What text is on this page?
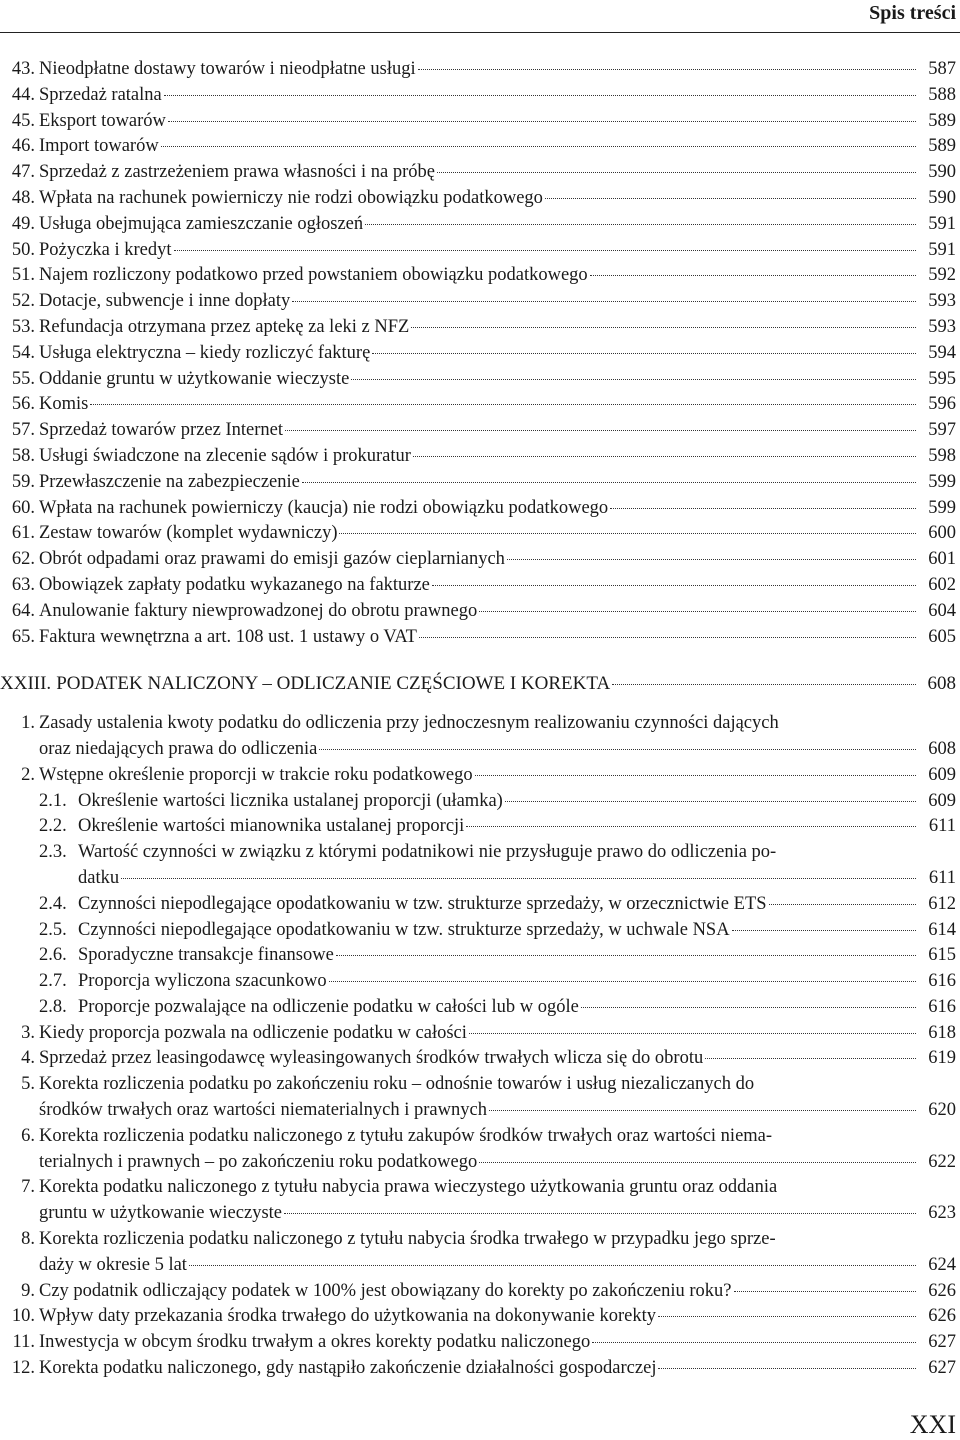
Spis treści
43. Nieodpłatne dostawy towarów i nieodpłatne usługi	587
44. Sprzedaż ratalna	588
45. Eksport towarów	589
46. Import towarów	589
47. Sprzedaż z zastrzeżeniem prawa własności i na próbę	590
48. Wpłata na rachunek powierniczy nie rodzi obowiązku podatkowego	590
49. Usługa obejmująca zamieszczanie ogłoszeń	591
50. Pożyczka i kredyt	591
51. Najem rozliczony podatkowo przed powstaniem obowiązku podatkowego	592
52. Dotacje, subwencje i inne dopłaty	593
53. Refundacja otrzymana przez aptekę za leki z NFZ	593
54. Usługa elektryczna – kiedy rozliczyć fakturę	594
55. Oddanie gruntu w użytkowanie wieczyste	595
56. Komis	596
57. Sprzedaż towarów przez Internet	597
58. Usługi świadczone na zlecenie sądów i prokuratur	598
59. Przewłaszczenie na zabezpieczenie	599
60. Wpłata na rachunek powierniczy (kaucja) nie rodzi obowiązku podatkowego	599
61. Zestaw towarów (komplet wydawniczy)	600
62. Obrót odpadami oraz prawami do emisji gazów cieplarnianych	601
63. Obowiązek zapłaty podatku wykazanego na fakturze	602
64. Anulowanie faktury niewprowadzonej do obrotu prawnego	604
65. Faktura wewnętrzna a art. 108 ust. 1 ustawy o VAT	605
XXIII. PODATEK NALICZONY – ODLICZANIE CZĘŚCIOWE I KOREKTA	608
1. Zasady ustalenia kwoty podatku do odliczenia przy jednoczesnym realizowaniu czynności dających
oraz niedających prawa do odliczenia	608
2. Wstępne określenie proporcji w trakcie roku podatkowego	609
2.1. Określenie wartości licznika ustalanej proporcji (ułamka)	609
2.2. Określenie wartości mianownika ustalanej proporcji	611
2.3. Wartość czynności w związku z którymi podatnikowi nie przysługuje prawo do odliczenia po-
datku	611
2.4. Czynności niepodlegające opodatkowaniu w tzw. strukturze sprzedaży, w orzecznictwie ETS	612
2.5. Czynności niepodlegające opodatkowaniu w tzw. strukturze sprzedaży, w uchwale NSA	614
2.6. Sporadyczne transakcje finansowe	615
2.7. Proporcja wyliczona szacunkowo	616
2.8. Proporcje pozwalające na odliczenie podatku w całości lub w ogóle	616
3. Kiedy proporcja pozwala na odliczenie podatku w całości	618
4. Sprzedaż przez leasingodawcę wyleasingowanych środków trwałych wlicza się do obrotu	619
5. Korekta rozliczenia podatku po zakończeniu roku – odnośnie towarów i usług niezaliczanych do
środków trwałych oraz wartości niematerialnych i prawnych	620
6. Korekta rozliczenia podatku naliczonego z tytułu zakupów środków trwałych oraz wartości niema-
terialnych i prawnych – po zakończeniu roku podatkowego	622
7. Korekta podatku naliczonego z tytułu nabycia prawa wieczystego użytkowania gruntu oraz oddania
gruntu w użytkowanie wieczyste	623
8. Korekta rozliczenia podatku naliczonego z tytułu nabycia środka trwałego w przypadku jego sprze-
daży w okresie 5 lat	624
9. Czy podatnik odliczający podatek w 100% jest obowiązany do korekty po zakończeniu roku?	626
10. Wpływ daty przekazania środka trwałego do użytkowania na dokonywanie korekty	626
11. Inwestycja w obcym środku trwałym a okres korekty podatku naliczonego	627
12. Korekta podatku naliczonego, gdy nastąpiło zakończenie działalności gospodarczej	627
XXI
